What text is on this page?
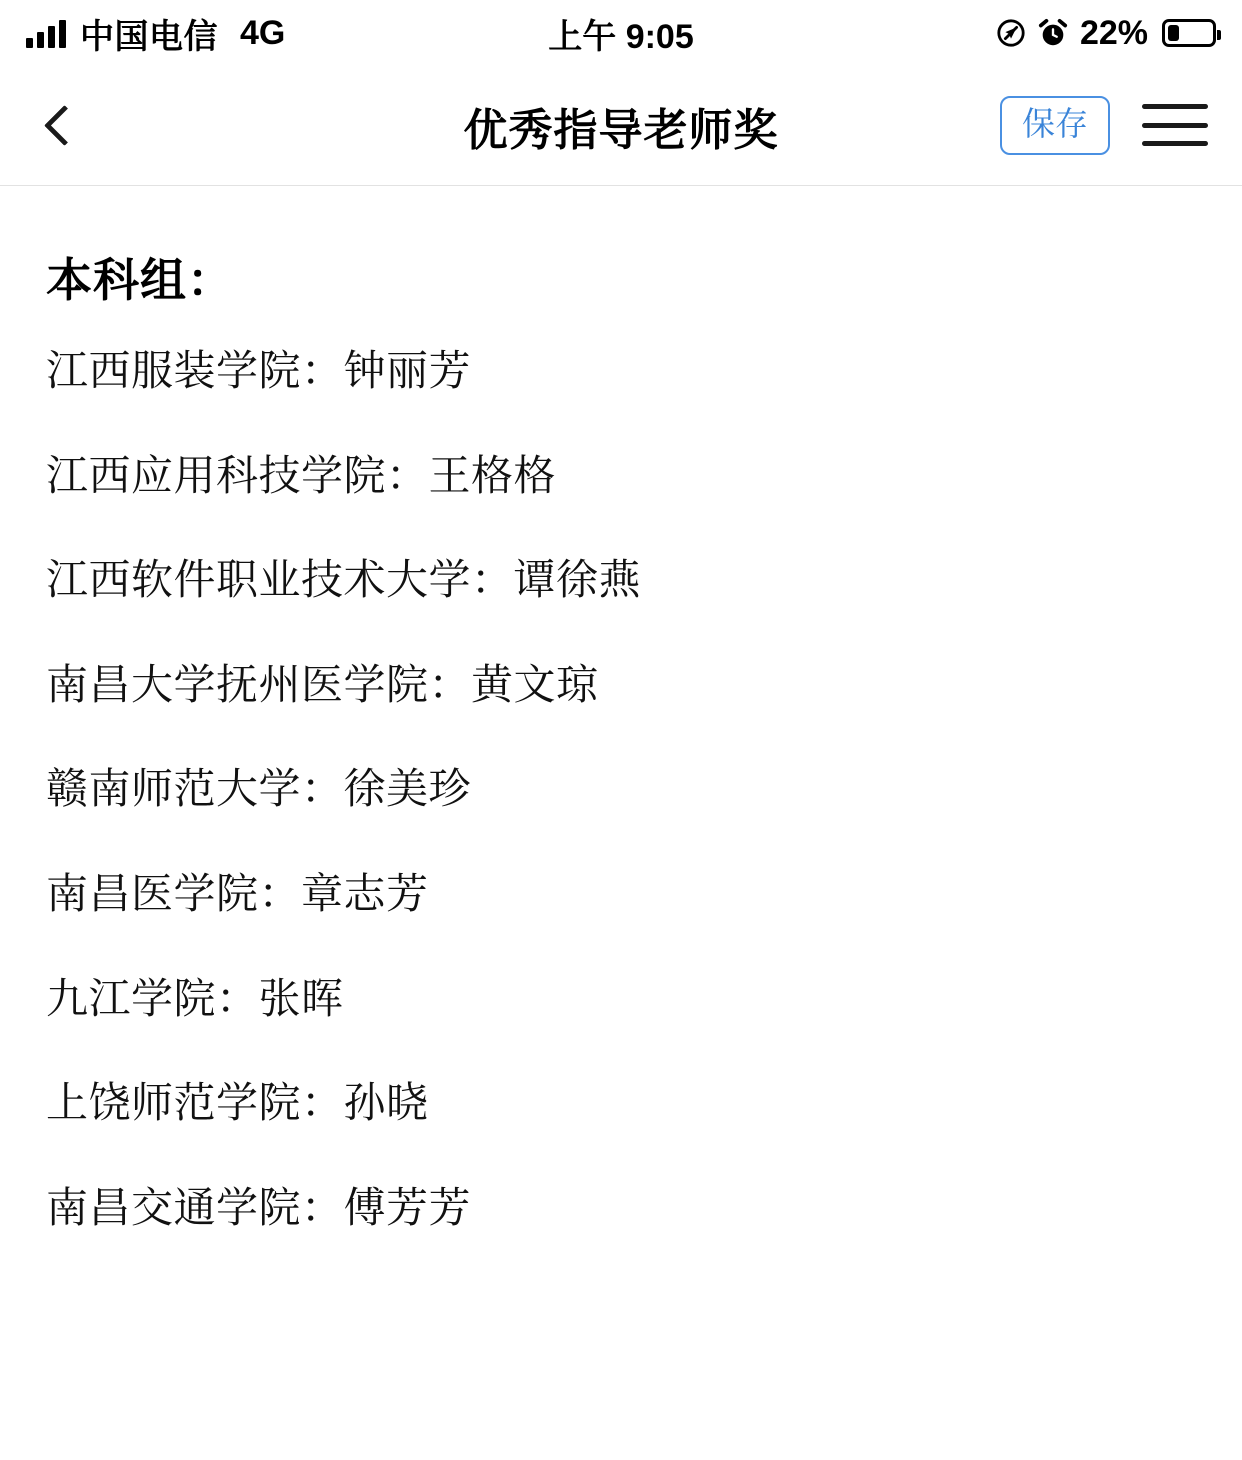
中国电信 4G	上午 9:05	22%
优秀指导老师奖	保存
本科组：

江西服装学院：钟丽芳

江西应用科技学院：王格格

江西软件职业技术大学：谭徐燕

南昌大学抚州医学院：黄文琼

赣南师范大学：徐美珍

南昌医学院：章志芳

九江学院：张晖

上饶师范学院：孙晓

南昌交通学院：傅芳芳
